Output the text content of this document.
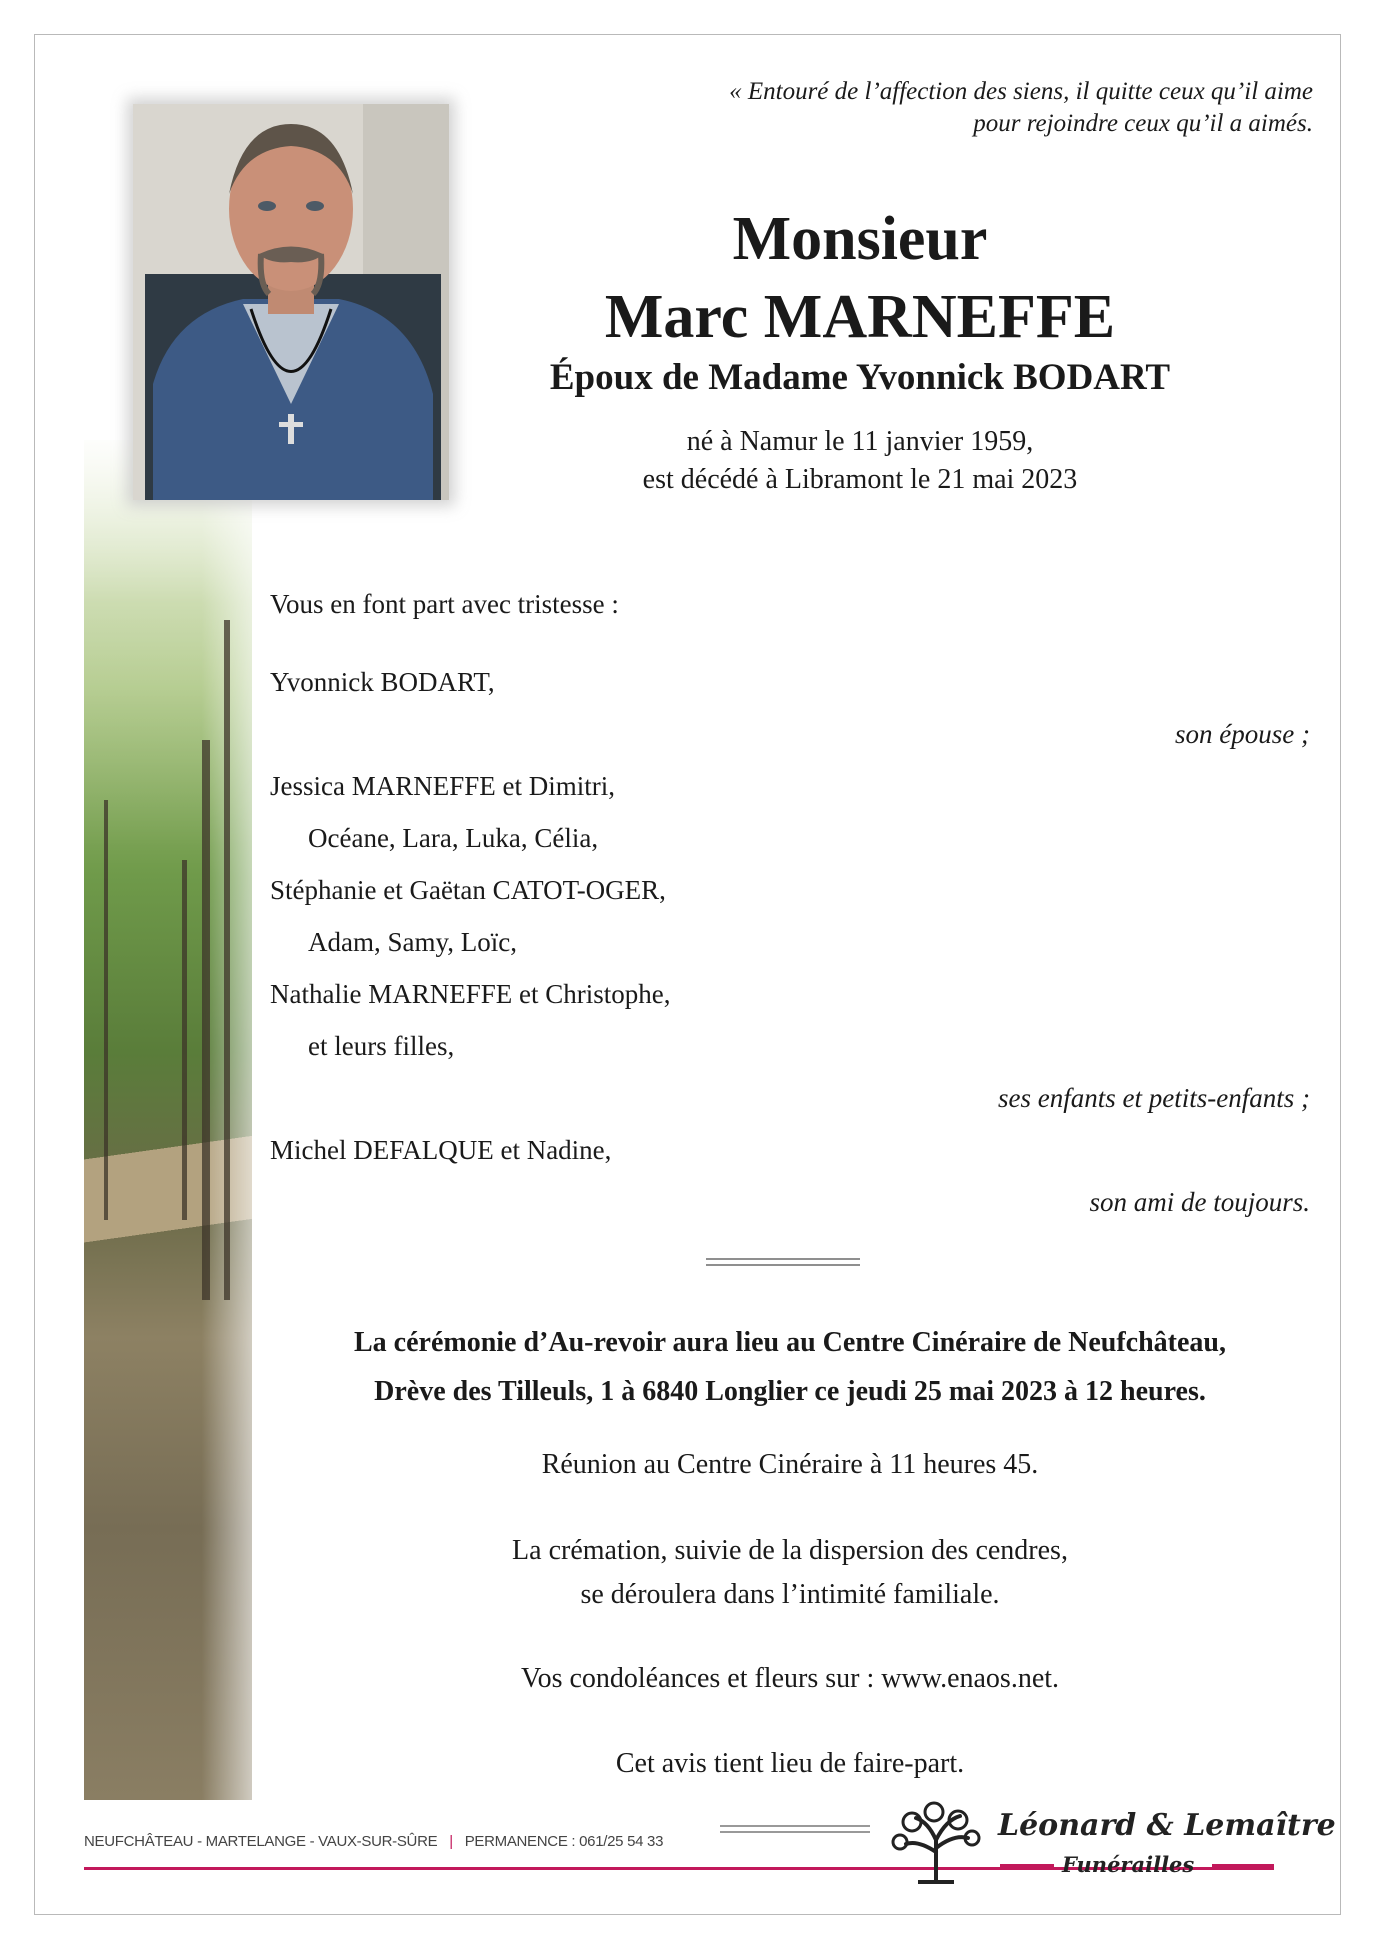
« Entouré de l’affection des siens, il quitte ceux qu’il aime
pour rejoindre ceux qu’il a aimés.
Monsieur
Marc MARNEFFE
Époux de Madame Yvonnick BODART
né à Namur le 11 janvier 1959,
est décédé à Libramont le 21 mai 2023
Vous en font part avec tristesse :
Yvonnick BODART,
son épouse ;
Jessica MARNEFFE et Dimitri,
Océane, Lara, Luka, Célia,
Stéphanie et Gaëtan CATOT-OGER,
Adam, Samy, Loïc,
Nathalie MARNEFFE et Christophe,
et leurs filles,
ses enfants et petits-enfants ;
Michel DEFALQUE et Nadine,
son ami de toujours.
La cérémonie d’Au-revoir aura lieu au Centre Cinéraire de Neufchâteau,
Drève des Tilleuls, 1 à 6840 Longlier ce jeudi 25 mai 2023 à 12 heures.
Réunion au Centre Cinéraire à 11 heures 45.
La crémation, suivie de la dispersion des cendres,
se déroulera dans l’intimité familiale.
Vos condoléances et fleurs sur : www.enaos.net.
Cet avis tient lieu de faire-part.
NEUFCHÂTEAU - MARTELANGE - VAUX-SUR-SÛRE | PERMANENCE : 061/25 54 33	Léonard & Lemaître
Funérailles
